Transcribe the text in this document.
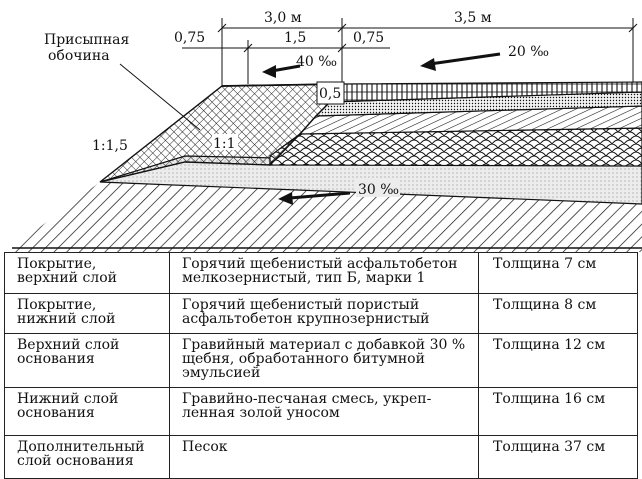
0,5
3,0 м	3,5 м
0,75	1,5	0,75
Присыпная
обочина
1:1,5	1:1
40 ‰
20 ‰
30 ‰
Покрытие,
верхний слой	Горячий щебенистый асфальтобетон
мелкозернистый, тип Б, марки 1	Толщина 7 см

Покрытие,
нижний слой	Горячий щебенистый пористый
асфальтобетон крупнозернистый	Толщина 8 см

Верхний слой
основания	Гравийный материал с добавкой 30 %
щебня, обработанного битумной
эмульсией	Толщина 12 см

Нижний слой
основания	Гравийно-песчаная смесь, укреп-
ленная золой уносом	Толщина 16 см

Дополнительный
слой основания	Песок	Толщина 37 см
